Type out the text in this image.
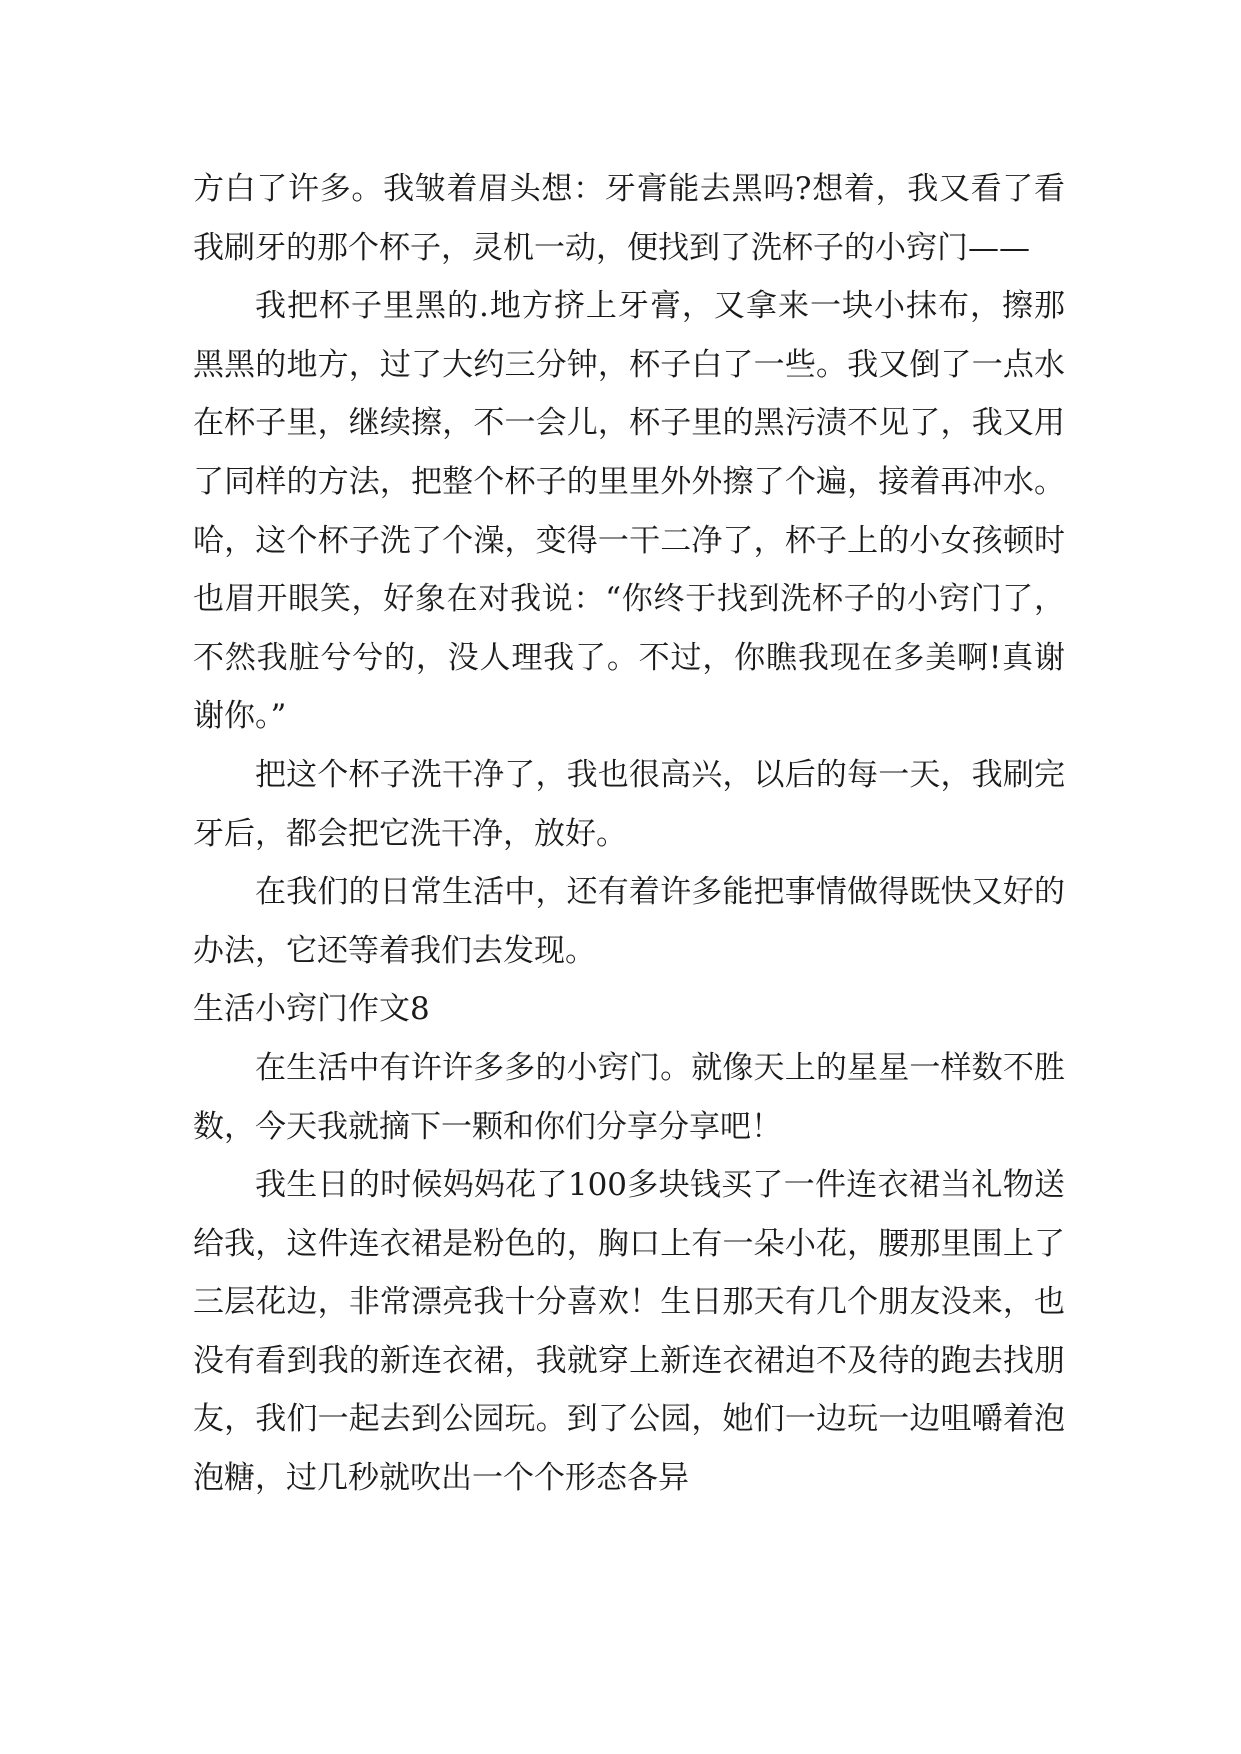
方白了许多。我皱着眉头想：牙膏能去黑吗?想着，我又看了看我刷牙的那个杯子，灵机一动，便找到了洗杯子的小窍门——

我把杯子里黑的.地方挤上牙膏，又拿来一块小抹布，擦那黑黑的地方，过了大约三分钟，杯子白了一些。我又倒了一点水在杯子里，继续擦，不一会儿，杯子里的黑污渍不见了，我又用了同样的方法，把整个杯子的里里外外擦了个遍，接着再冲水。哈，这个杯子洗了个澡，变得一干二净了，杯子上的小女孩顿时也眉开眼笑，好象在对我说：“你终于找到洗杯子的小窍门了，不然我脏兮兮的，没人理我了。不过，你瞧我现在多美啊!真谢谢你。”

把这个杯子洗干净了，我也很高兴，以后的每一天，我刷完牙后，都会把它洗干净，放好。

在我们的日常生活中，还有着许多能把事情做得既快又好的办法，它还等着我们去发现。

生活小窍门作文8

在生活中有许许多多的小窍门。就像天上的星星一样数不胜数，今天我就摘下一颗和你们分享分享吧！

我生日的时候妈妈花了100多块钱买了一件连衣裙当礼物送给我，这件连衣裙是粉色的，胸口上有一朵小花，腰那里围上了三层花边，非常漂亮我十分喜欢！生日那天有几个朋友没来，也没有看到我的新连衣裙，我就穿上新连衣裙迫不及待的跑去找朋友，我们一起去到公园玩。到了公园，她们一边玩一边咀嚼着泡泡糖，过几秒就吹出一个个形态各异
